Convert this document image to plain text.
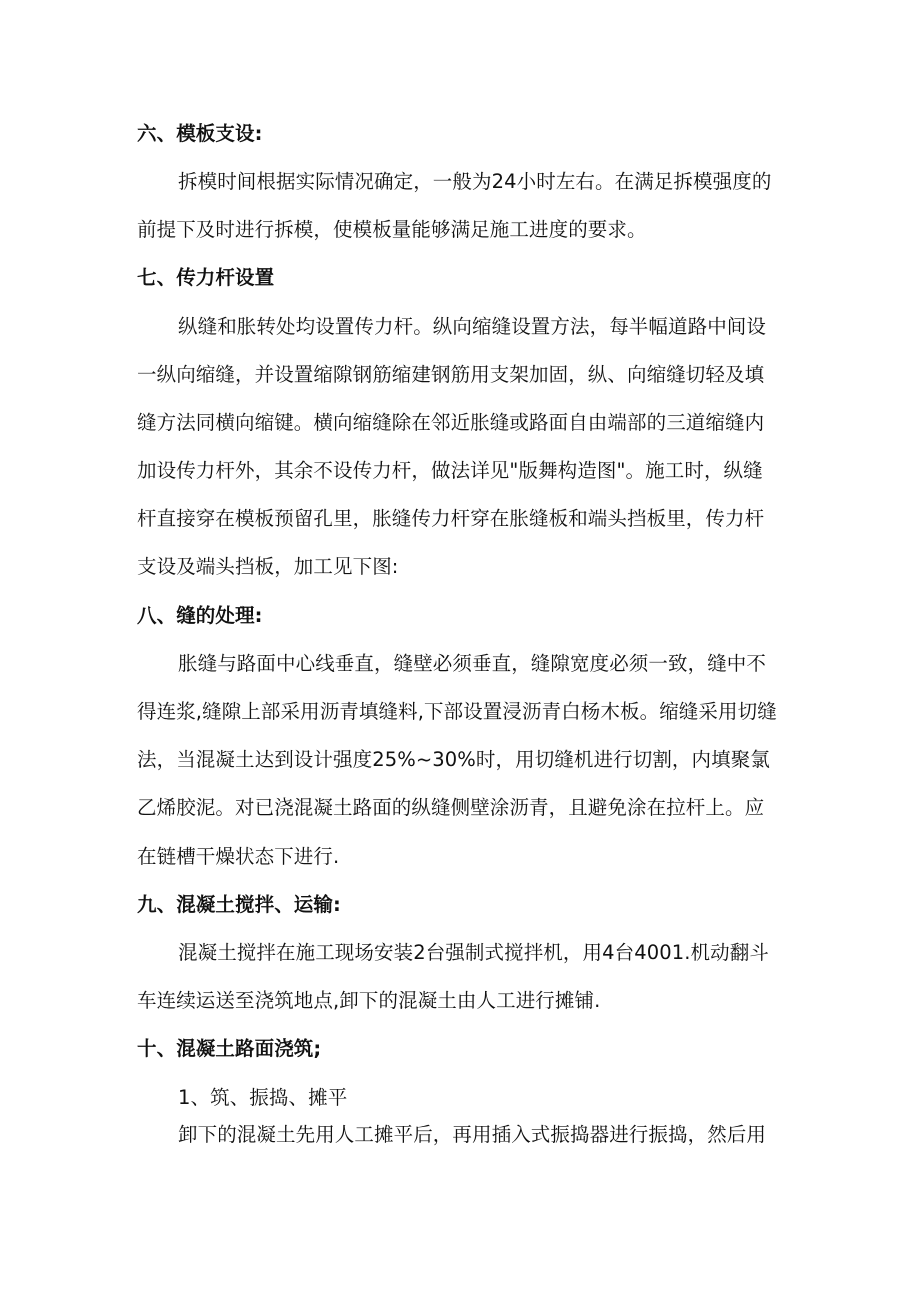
六、模板支设:
拆模时间根据实际情况确定，一般为24小时左右。在满足拆模强度的
前提下及时进行拆模，使模板量能够满足施工进度的要求。
七、传力杆设置
纵缝和胀转处均设置传力杆。纵向缩缝设置方法，每半幅道路中间设
一纵向缩缝，并设置缩隙钢筋缩建钢筋用支架加固，纵、向缩缝切轻及填
缝方法同横向缩键。横向缩缝除在邻近胀缝或路面自由端部的三道缩缝内
加设传力杆外，其余不设传力杆，做法详见"版舞构造图"。施工时，纵缝
杆直接穿在模板预留孔里，胀缝传力杆穿在胀缝板和端头挡板里，传力杆
支设及端头挡板，加工见下图:
八、缝的处理:
胀缝与路面中心线垂直，缝壁必须垂直，缝隙宽度必须一致，缝中不
得连浆,缝隙上部采用沥青填缝料,下部设置浸沥青白杨木板。缩缝采用切缝
法，当混凝土达到设计强度25%~30%时，用切缝机进行切割，内填聚氯
乙烯胶泥。对已浇混凝土路面的纵缝侧壁涂沥青，且避免涂在拉杆上。应
在链槽干燥状态下进行.
九、混凝土搅拌、运输:
混凝土搅拌在施工现场安装2台强制式搅拌机，用4台4001.机动翻斗
车连续运送至浇筑地点,卸下的混凝土由人工进行摊铺.
十、混凝土路面浇筑;
1、筑、振捣、摊平
卸下的混凝土先用人工摊平后，再用插入式振捣器进行振捣，然后用
